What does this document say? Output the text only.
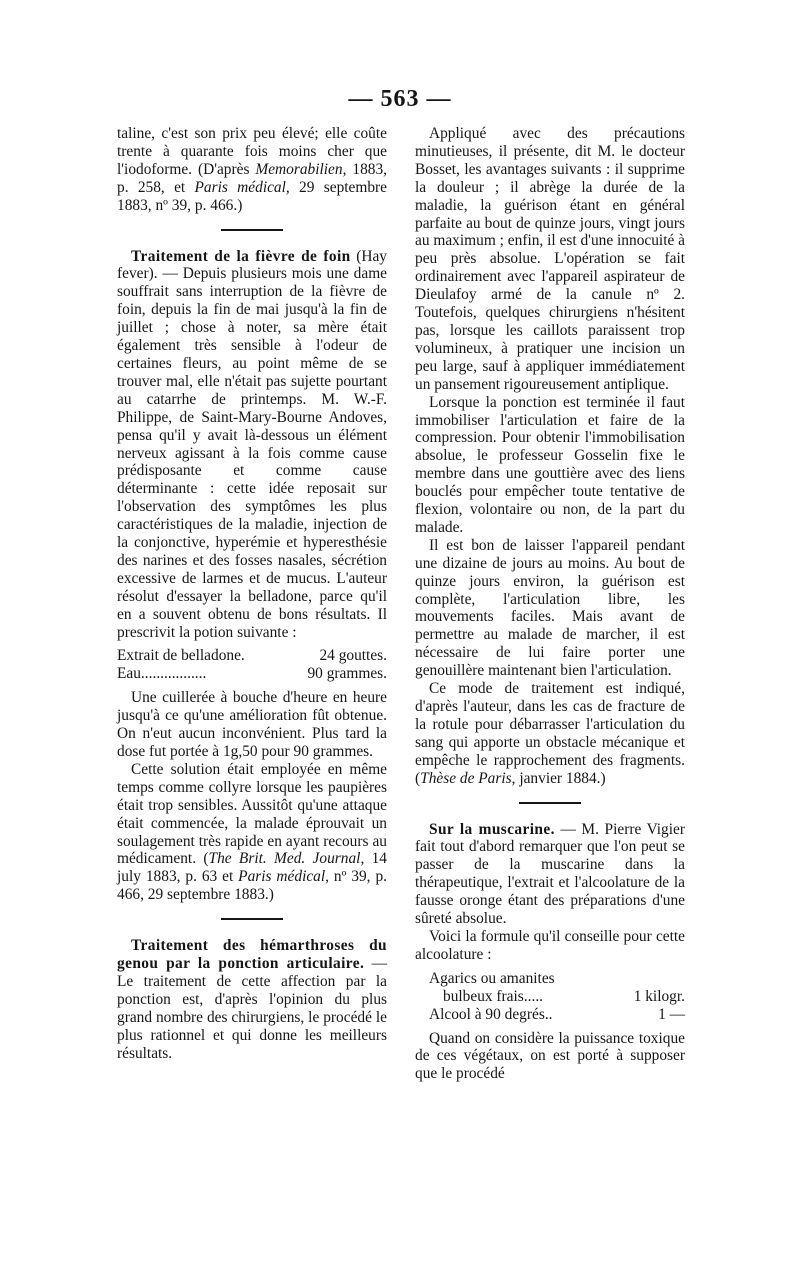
— 563 —

taline, c'est son prix peu élevé; elle coûte trente à quarante fois moins cher que l'iodoforme. (D'après Memorabilien, 1883, p. 258, et Paris médical, 29 septembre 1883, nº 39, p. 466.)

Traitement de la fièvre de foin (Hay fever). — Depuis plusieurs mois une dame souffrait sans interruption de la fièvre de foin, depuis la fin de mai jusqu'à la fin de juillet ; chose à noter, sa mère était également très sensible à l'odeur de certaines fleurs, au point même de se trouver mal, elle n'était pas sujette pourtant au catarrhe de printemps. M. W.-F. Philippe, de Saint-Mary-Bourne Andoves, pensa qu'il y avait là-dessous un élément nerveux agissant à la fois comme cause prédisposante et comme cause déterminante : cette idée reposait sur l'observation des symptômes les plus caractéristiques de la maladie, injection de la conjonctive, hyperémie et hyperesthésie des narines et des fosses nasales, sécrétion excessive de larmes et de mucus. L'auteur résolut d'essayer la belladone, parce qu'il en a souvent obtenu de bons résultats. Il prescrivit la potion suivante :

Extrait de belladone.	24 gouttes.
Eau.................	90 grammes.

Une cuillerée à bouche d'heure en heure jusqu'à ce qu'une amélioration fût obtenue. On n'eut aucun inconvénient. Plus tard la dose fut portée à 1g,50 pour 90 grammes.

Cette solution était employée en même temps comme collyre lorsque les paupières était trop sensibles. Aussitôt qu'une attaque était commencée, la malade éprouvait un soulagement très rapide en ayant recours au médicament. (The Brit. Med. Journal, 14 july 1883, p. 63 et Paris médical, nº 39, p. 466, 29 septembre 1883.)

Traitement des hémarthroses du genou par la ponction articulaire. — Le traitement de cette affection par la ponction est, d'après l'opinion du plus grand nombre des chirurgiens, le procédé le plus rationnel et qui donne les meilleurs résultats.

Appliqué avec des précautions minutieuses, il présente, dit M. le docteur Bosset, les avantages suivants : il supprime la douleur ; il abrège la durée de la maladie, la guérison étant en général parfaite au bout de quinze jours, vingt jours au maximum ; enfin, il est d'une innocuité à peu près absolue. L'opération se fait ordinairement avec l'appareil aspirateur de Dieulafoy armé de la canule nº 2. Toutefois, quelques chirurgiens n'hésitent pas, lorsque les caillots paraissent trop volumineux, à pratiquer une incision un peu large, sauf à appliquer immédiatement un pansement rigoureusement antiplique.

Lorsque la ponction est terminée il faut immobiliser l'articulation et faire de la compression. Pour obtenir l'immobilisation absolue, le professeur Gosselin fixe le membre dans une gouttière avec des liens bouclés pour empêcher toute tentative de flexion, volontaire ou non, de la part du malade.

Il est bon de laisser l'appareil pendant une dizaine de jours au moins. Au bout de quinze jours environ, la guérison est complète, l'articulation libre, les mouvements faciles. Mais avant de permettre au malade de marcher, il est nécessaire de lui faire porter une genouillère maintenant bien l'articulation.

Ce mode de traitement est indiqué, d'après l'auteur, dans les cas de fracture de la rotule pour débarrasser l'articulation du sang qui apporte un obstacle mécanique et empêche le rapprochement des fragments. (Thèse de Paris, janvier 1884.)

Sur la muscarine. — M. Pierre Vigier fait tout d'abord remarquer que l'on peut se passer de la muscarine dans la thérapeutique, l'extrait et l'alcoolature de la fausse oronge étant des préparations d'une sûreté absolue.

Voici la formule qu'il conseille pour cette alcoolature :

Agarics ou amanites
bulbeux frais.....	1 kilogr.
Alcool à 90 degrés..	1 —

Quand on considère la puissance toxique de ces végétaux, on est porté à supposer que le procédé
